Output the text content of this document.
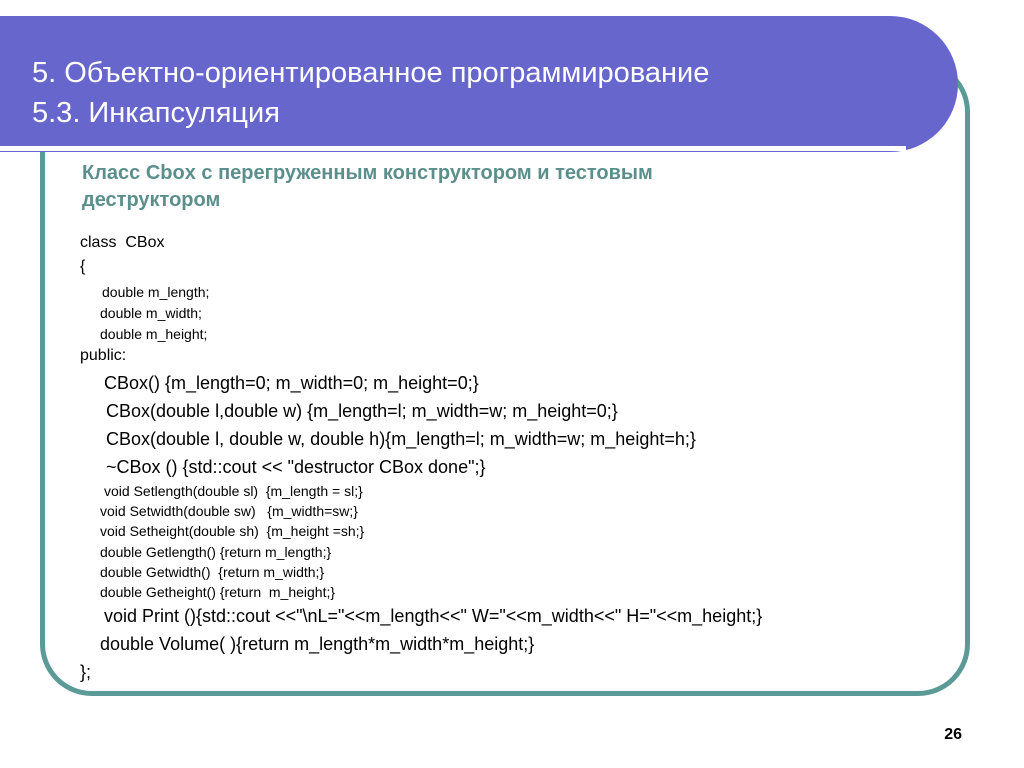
5. Объектно-ориентированное программирование
5.3. Инкапсуляция
Класс Cbox с перегруженным конструктором и тестовым
деструктором
class  CBox
{
double m_length;
double m_width;
double m_height;
public:
CBox() {m_length=0; m_width=0; m_height=0;}
CBox(double l,double w) {m_length=l; m_width=w; m_height=0;}
CBox(double l, double w, double h){m_length=l; m_width=w; m_height=h;}
~CBox () {std::cout << "destructor CBox done";}
void Setlength(double sl)  {m_length = sl;}
void Setwidth(double sw)   {m_width=sw;}
void Setheight(double sh)  {m_height =sh;}
double Getlength() {return m_length;}
double Getwidth()  {return m_width;}
double Getheight() {return  m_height;}
void Print (){std::cout <<"\nL="<<m_length<<" W="<<m_width<<" H="<<m_height;}
double Volume( ){return m_length*m_width*m_height;}
};
26
